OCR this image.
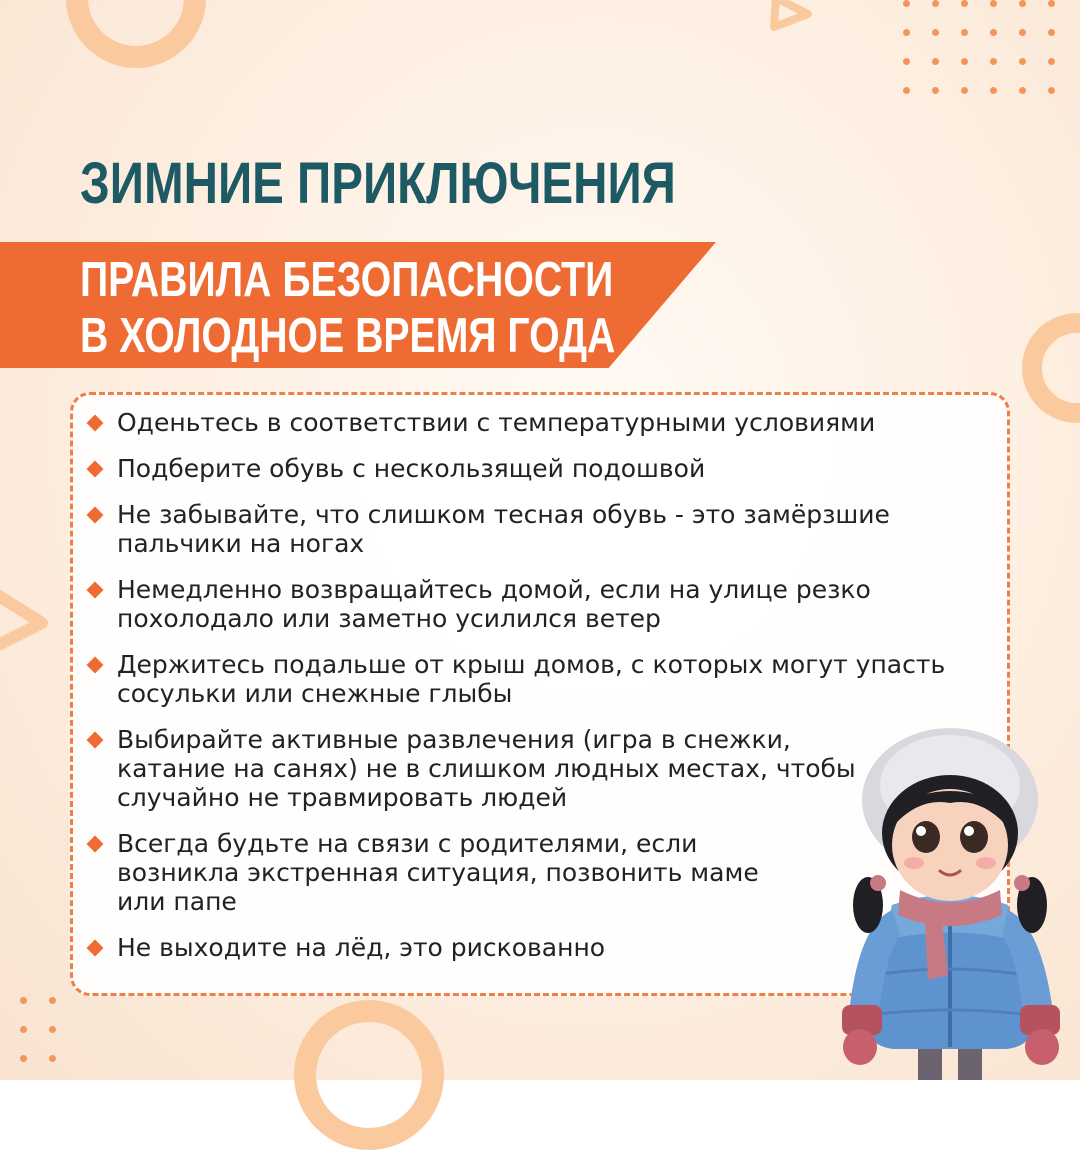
ЗИМНИЕ ПРИКЛЮЧЕНИЯ
ПРАВИЛА БЕЗОПАСНОСТИ
В ХОЛОДНОЕ ВРЕМЯ ГОДА
Оденьтесь в соответствии с температурными условиями
Подберите обувь с нескользящей подошвой
Не забывайте, что слишком тесная обувь - это замёрзшие пальчики на ногах
Немедленно возвращайтесь домой, если на улице резко похолодало или заметно усилился ветер
Держитесь подальше от крыш домов, с которых могут упасть сосульки или снежные глыбы
Выбирайте активные развлечения (игра в снежки, катание на санях) не в слишком людных местах, чтобы случайно не травмировать людей
Всегда будьте на связи с родителями, если возникла экстренная ситуация, позвонить маме или папе
Не выходите на лёд, это рискованно
